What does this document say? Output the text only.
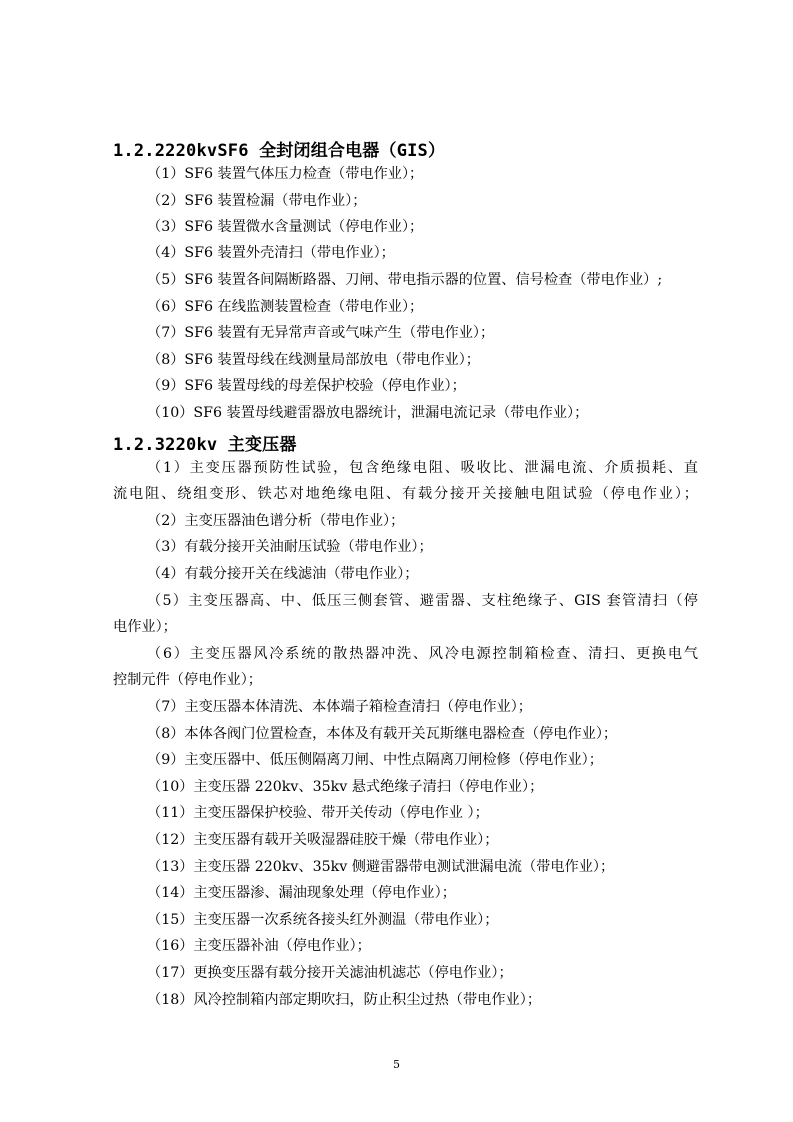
1.2.2220kvSF6 全封闭组合电器（GIS）
（1）SF6 装置气体压力检查（带电作业）；
（2）SF6 装置检漏（带电作业）；
（3）SF6 装置微水含量测试（停电作业）；
（4）SF6 装置外壳清扫（带电作业）；
（5）SF6 装置各间隔断路器、刀闸、带电指示器的位置、信号检查（带电作业）;
（6）SF6 在线监测装置检查（带电作业）；
（7）SF6 装置有无异常声音或气味产生（带电作业）；
（8）SF6 装置母线在线测量局部放电（带电作业）；
（9）SF6 装置母线的母差保护校验（停电作业）；
（10）SF6 装置母线避雷器放电器统计，泄漏电流记录（带电作业）；
1.2.3220kv 主变压器
（1）主变压器预防性试验，包含绝缘电阻、吸收比、泄漏电流、介质损耗、直
流电阻、绕组变形、铁芯对地绝缘电阻、有载分接开关接触电阻试验（停电作业）；
（2）主变压器油色谱分析（带电作业）；
（3）有载分接开关油耐压试验（带电作业）；
（4）有载分接开关在线滤油（带电作业）；
（5）主变压器高、中、低压三侧套管、避雷器、支柱绝缘子、GIS 套管清扫（停
电作业）；
（6）主变压器风冷系统的散热器冲洗、风冷电源控制箱检查、清扫、更换电气
控制元件（停电作业）；
（7）主变压器本体清洗、本体端子箱检查清扫（停电作业）；
（8）本体各阀门位置检查，本体及有载开关瓦斯继电器检查（停电作业）；
（9）主变压器中、低压侧隔离刀闸、中性点隔离刀闸检修（停电作业）；
（10）主变压器 220kv、35kv 悬式绝缘子清扫（停电作业）；
（11）主变压器保护校验、带开关传动（停电作业 ）；
（12）主变压器有载开关吸湿器硅胶干燥（带电作业）；
（13）主变压器 220kv、35kv 侧避雷器带电测试泄漏电流（带电作业）；
（14）主变压器渗、漏油现象处理（停电作业）；
（15）主变压器一次系统各接头红外测温（带电作业）；
（16）主变压器补油（停电作业）；
（17）更换变压器有载分接开关滤油机滤芯（停电作业）；
（18）风冷控制箱内部定期吹扫，防止积尘过热（带电作业）；
5
